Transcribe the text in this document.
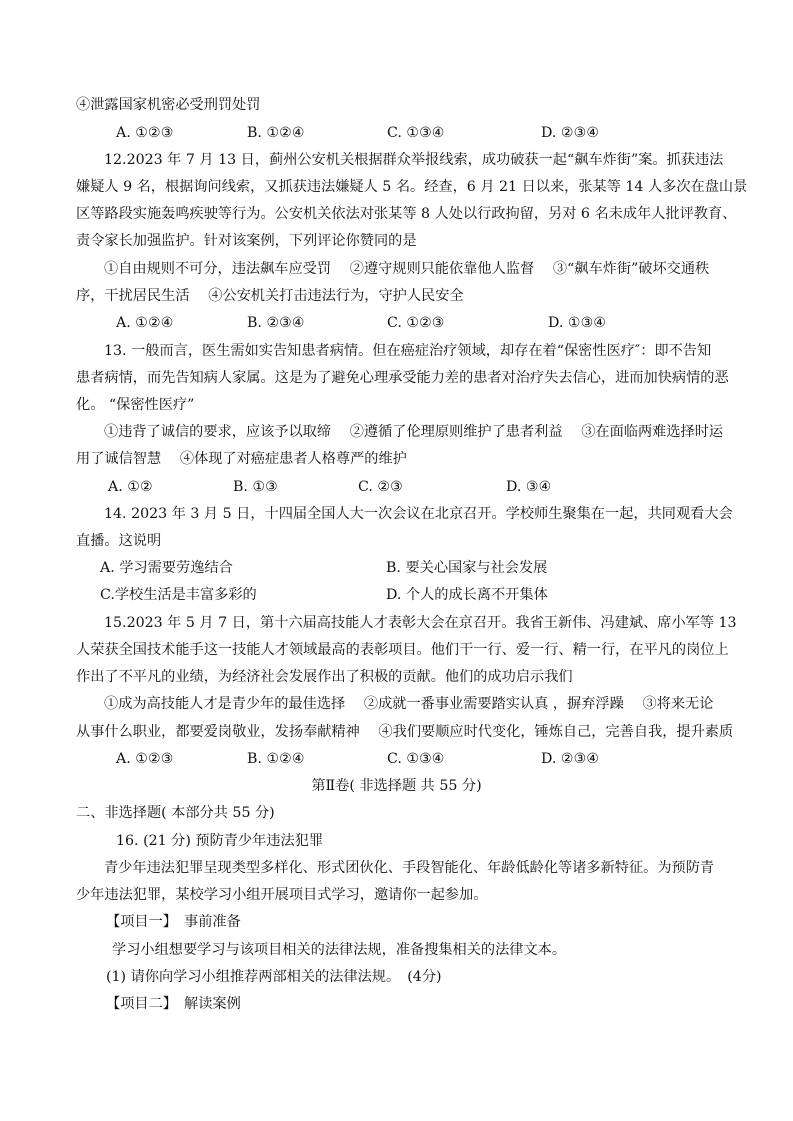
④泄露国家机密必受刑罚处罚
A. ①②③	B. ①②④	C. ①③④	D. ②③④
12.2023 年 7 月 13 日，蓟州公安机关根据群众举报线索，成功破获一起“飙车炸街”案。抓获违法
嫌疑人 9 名，根据询问线索，又抓获违法嫌疑人 5 名。经查，6 月 21 日以来，张某等 14 人多次在盘山景
区等路段实施轰鸣疾驶等行为。公安机关依法对张某等 8 人处以行政拘留，另对 6 名未成年人批评教育、
责令家长加强监护。针对该案例，下列评论你赞同的是
①自由规则不可分，违法飙车应受罚　 ②遵守规则只能依靠他人监督　 ③“飙车炸街”破坏交通秩
序，干扰居民生活　 ④公安机关打击违法行为，守护人民安全
A. ①②④	B. ②③④	C. ①②③	D. ①③④
13. 一般而言，医生需如实告知患者病情。但在癌症治疗领域，却存在着“保密性医疗″：即不告知
患者病情，而先告知病人家属。这是为了避免心理承受能力差的患者对治疗失去信心，进而加快病情的恶
化。 “保密性医疗”
①违背了诚信的要求，应该予以取缔　 ②遵循了伦理原则维护了患者利益　 ③在面临两难选择时运
用了诚信智慧　 ④体现了对癌症患者人格尊严的维护
A. ①②	B. ①③	C. ②③	D. ③④
14. 2023 年 3 月 5 日，十四届全国人大一次会议在北京召开。学校师生聚集在一起，共同观看大会
直播。这说明
A. 学习需要劳逸结合	B. 要关心国家与社会发展
C.学校生活是丰富多彩的	D. 个人的成长离不开集体
15.2023 年 5 月 7 日，第十六届高技能人才表彰大会在京召开。我省王新伟、冯建斌、席小军等 13
人荣获全国技术能手这一技能人才领域最高的表彰项目。他们干一行、爱一行、精一行，在平凡的岗位上
作出了不平凡的业绩，为经济社会发展作出了积极的贡献。他们的成功启示我们
①成为高技能人才是青少年的最佳选择　 ②成就一番事业需要踏实认真 ，摒弃浮躁　 ③将来无论
从事什么职业，都要爱岗敬业，发扬奉献精神　 ④我们要顺应时代变化，锤炼自己，完善自我，提升素质
A. ①②③	B. ①②④	C. ①③④	D. ②③④
第Ⅱ卷( 非选择题 共 55 分)
二、非选择题( 本部分共 55 分)
16. (21 分) 预防青少年违法犯罪
青少年违法犯罪呈现类型多样化、形式团伙化、手段智能化、年龄低龄化等诸多新特征。为预防青
少年违法犯罪，某校学习小组开展项目式学习，邀请你一起参加。
【项目一】　事前准备
学习小组想要学习与该项目相关的法律法规，准备搜集相关的法律文本。
(1) 请你向学习小组推荐两部相关的法律法规。　(4分)
【项目二】　解读案例
